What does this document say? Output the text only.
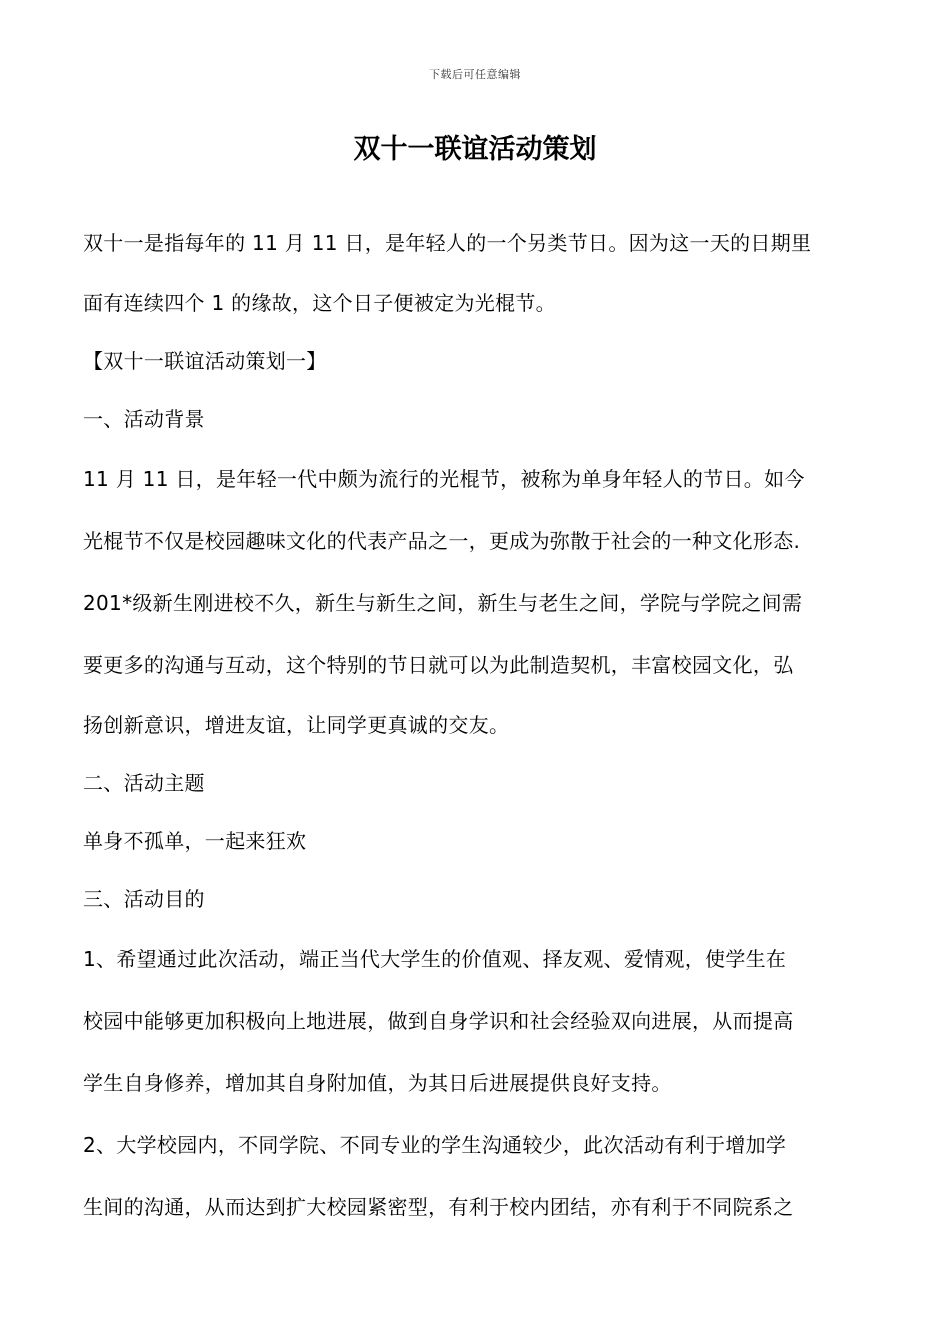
下载后可任意编辑
双十一联谊活动策划
双十一是指每年的 11 月 11 日，是年轻人的一个另类节日。因为这一天的日期里
面有连续四个 1 的缘故，这个日子便被定为光棍节。
【双十一联谊活动策划一】
一、活动背景
11 月 11 日，是年轻一代中颇为流行的光棍节，被称为单身年轻人的节日。如今
光棍节不仅是校园趣味文化的代表产品之一，更成为弥散于社会的一种文化形态.
201*级新生刚进校不久，新生与新生之间，新生与老生之间，学院与学院之间需
要更多的沟通与互动，这个特别的节日就可以为此制造契机，丰富校园文化，弘
扬创新意识，增进友谊，让同学更真诚的交友。
二、活动主题
单身不孤单，一起来狂欢
三、活动目的
1、希望通过此次活动，端正当代大学生的价值观、择友观、爱情观，使学生在
校园中能够更加积极向上地进展，做到自身学识和社会经验双向进展，从而提高
学生自身修养，增加其自身附加值，为其日后进展提供良好支持。
2、大学校园内，不同学院、不同专业的学生沟通较少，此次活动有利于增加学
生间的沟通，从而达到扩大校园紧密型，有利于校内团结，亦有利于不同院系之
